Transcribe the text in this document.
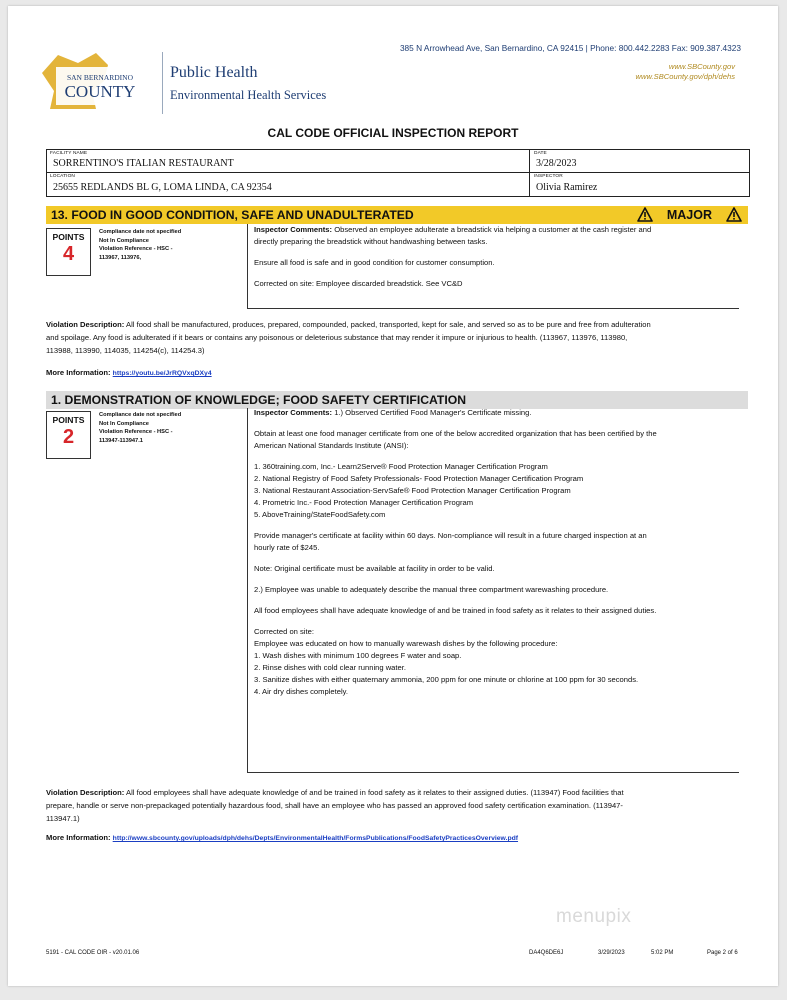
SAN BERNARDINO
COUNTY
Public Health
Environmental Health Services
385 N Arrowhead Ave, San Bernardino, CA 92415 | Phone: 800.442.2283 Fax: 909.387.4323
www.SBCounty.gov
www.SBCounty.gov/dph/dehs
CAL CODE OFFICIAL INSPECTION REPORT
FACILITY NAME
SORRENTINO'S ITALIAN RESTAURANT
DATE
3/28/2023
LOCATION
25655 REDLANDS BL G, LOMA LINDA, CA 92354
INSPECTOR
Olivia Ramirez
13. FOOD IN GOOD CONDITION, SAFE AND UNADULTERATED	MAJOR
POINTS
4
Compliance date not specified
Not In Compliance
Violation Reference - HSC -
113967, 113976,

Inspector Comments: Observed an employee adulterate a breadstick via helping a customer at the cash register and directly preparing the breadstick without handwashing between tasks.

Ensure all food is safe and in good condition for customer consumption.

Corrected on site: Employee discarded breadstick. See VC&D

Violation Description: All food shall be manufactured, produces, prepared, compounded, packed, transported, kept for sale, and served so as to be pure and free from adulteration and spoilage. Any food is adulterated if it bears or contains any poisonous or deleterious substance that may render it impure or injurious to health. (113967, 113976, 113980, 113988, 113990, 114035, 114254(c), 114254.3)
More Information: https://youtu.be/JrRQVxqDXy4
1. DEMONSTRATION OF KNOWLEDGE; FOOD SAFETY CERTIFICATION
POINTS
2
Compliance date not specified
Not In Compliance
Violation Reference - HSC -
113947-113947.1

Inspector Comments: 1.) Observed Certified Food Manager's Certificate missing.

Obtain at least one food manager certificate from one of the below accredited organization that has been certified by the American National Standards Institute (ANSI):

1. 360training.com, Inc.- Learn2Serve® Food Protection Manager Certification Program
2. National Registry of Food Safety Professionals- Food Protection Manager Certification Program
3. National Restaurant Association-ServSafe® Food Protection Manager Certification Program
4. Prometric Inc.- Food Protection Manager Certification Program
5. AboveTraining/StateFoodSafety.com

Provide manager's certificate at facility within 60 days. Non-compliance will result in a future charged inspection at an hourly rate of $245.

Note: Original certificate must be available at facility in order to be valid.

2.) Employee was unable to adequately describe the manual three compartment warewashing procedure.

All food employees shall have adequate knowledge of and be trained in food safety as it relates to their assigned duties.

Corrected on site:
Employee was educated on how to manually warewash dishes by the following procedure:
1. Wash dishes with minimum 100 degrees F water and soap.
2. Rinse dishes with cold clear running water.
3. Sanitize dishes with either quaternary ammonia, 200 ppm for one minute or chlorine at 100 ppm for 30 seconds.
4. Air dry dishes completely.

Violation Description: All food employees shall have adequate knowledge of and be trained in food safety as it relates to their assigned duties. (113947) Food facilities that prepare, handle or serve non-prepackaged potentially hazardous food, shall have an employee who has passed an approved food safety certification examination. (113947-113947.1)
More Information: http://www.sbcounty.gov/uploads/dph/dehs/Depts/EnvironmentalHealth/FormsPublications/FoodSafetyPracticesOverview.pdf
menupix
5191 - CAL CODE OIR - v20.01.06	DA4Q6DE6J	3/29/2023	5:02 PM	Page 2 of 6
